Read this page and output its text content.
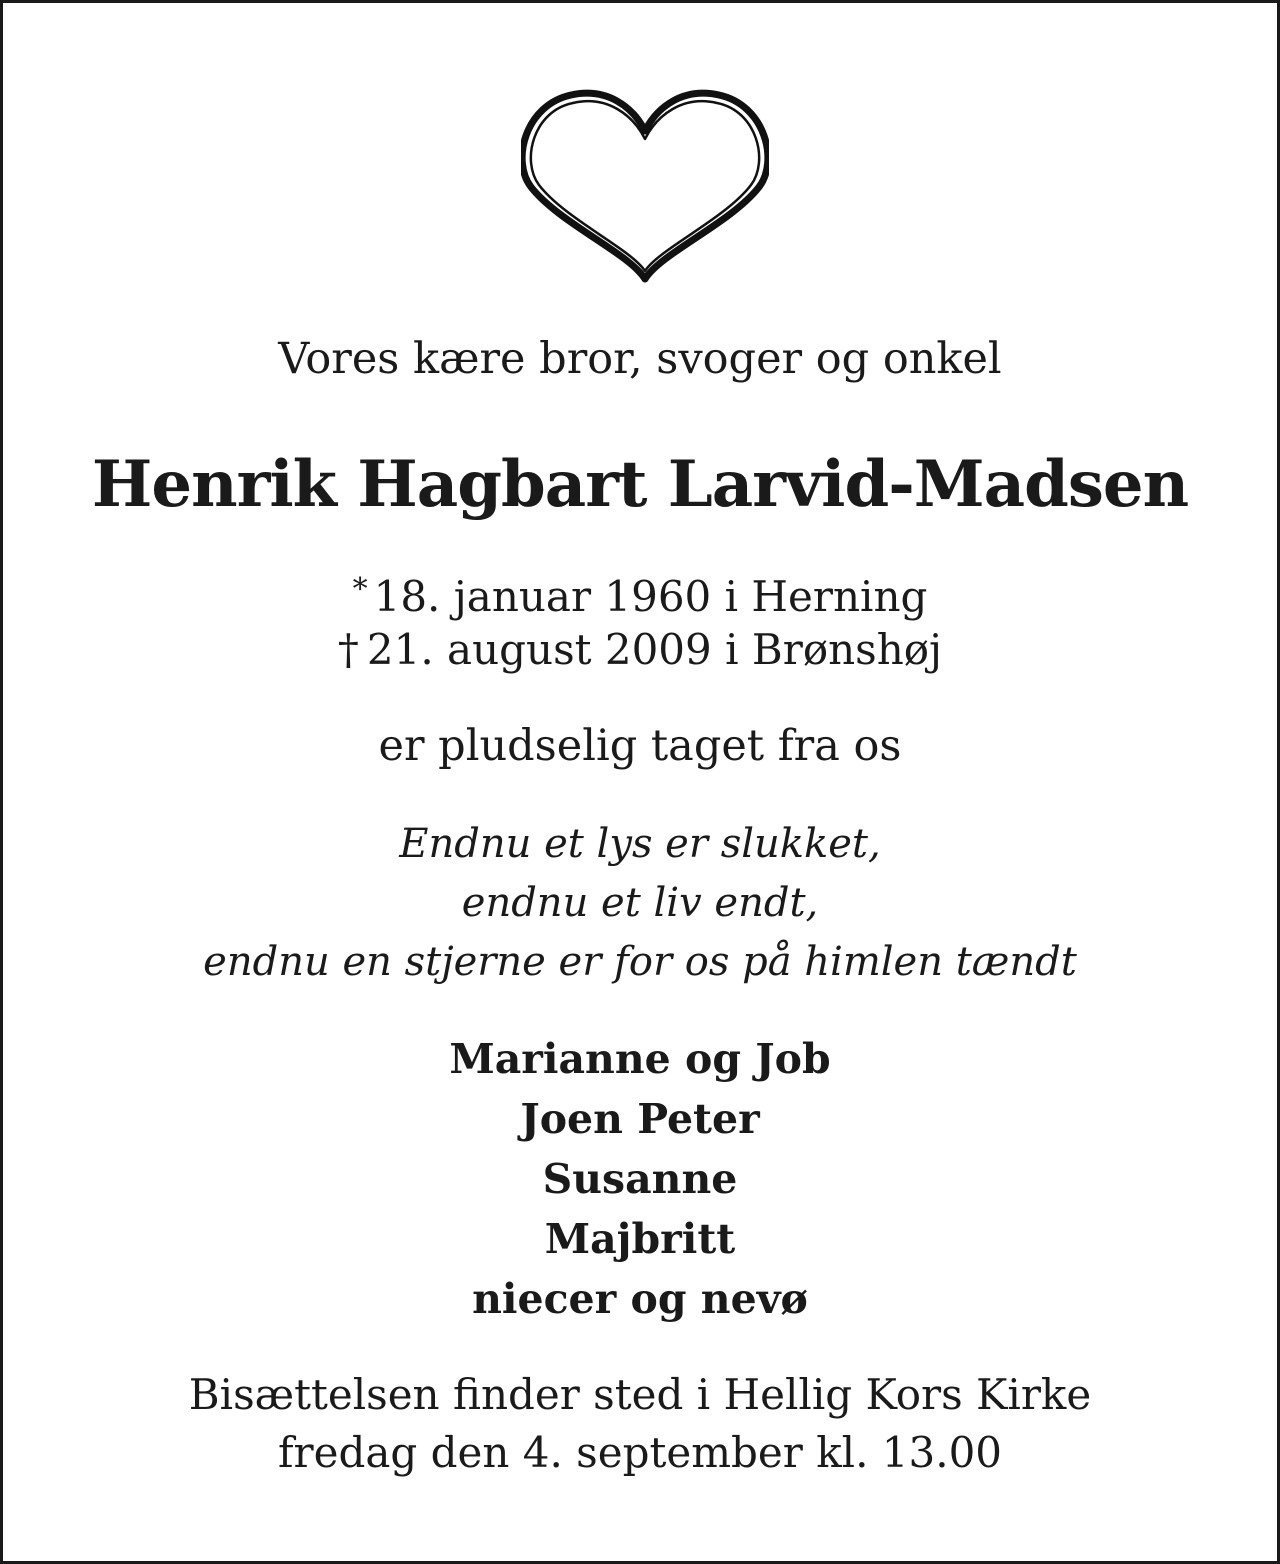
Vores kære bror, svoger og onkel
Henrik Hagbart Larvid-Madsen
* 18. januar 1960 i Herning
† 21. august 2009 i Brønshøj
er pludselig taget fra os
Endnu et lys er slukket,
endnu et liv endt,
endnu en stjerne er for os på himlen tændt
Marianne og Job
Joen Peter
Susanne
Majbritt
niecer og nevø
Bisættelsen finder sted i Hellig Kors Kirke
fredag den 4. september kl. 13.00
